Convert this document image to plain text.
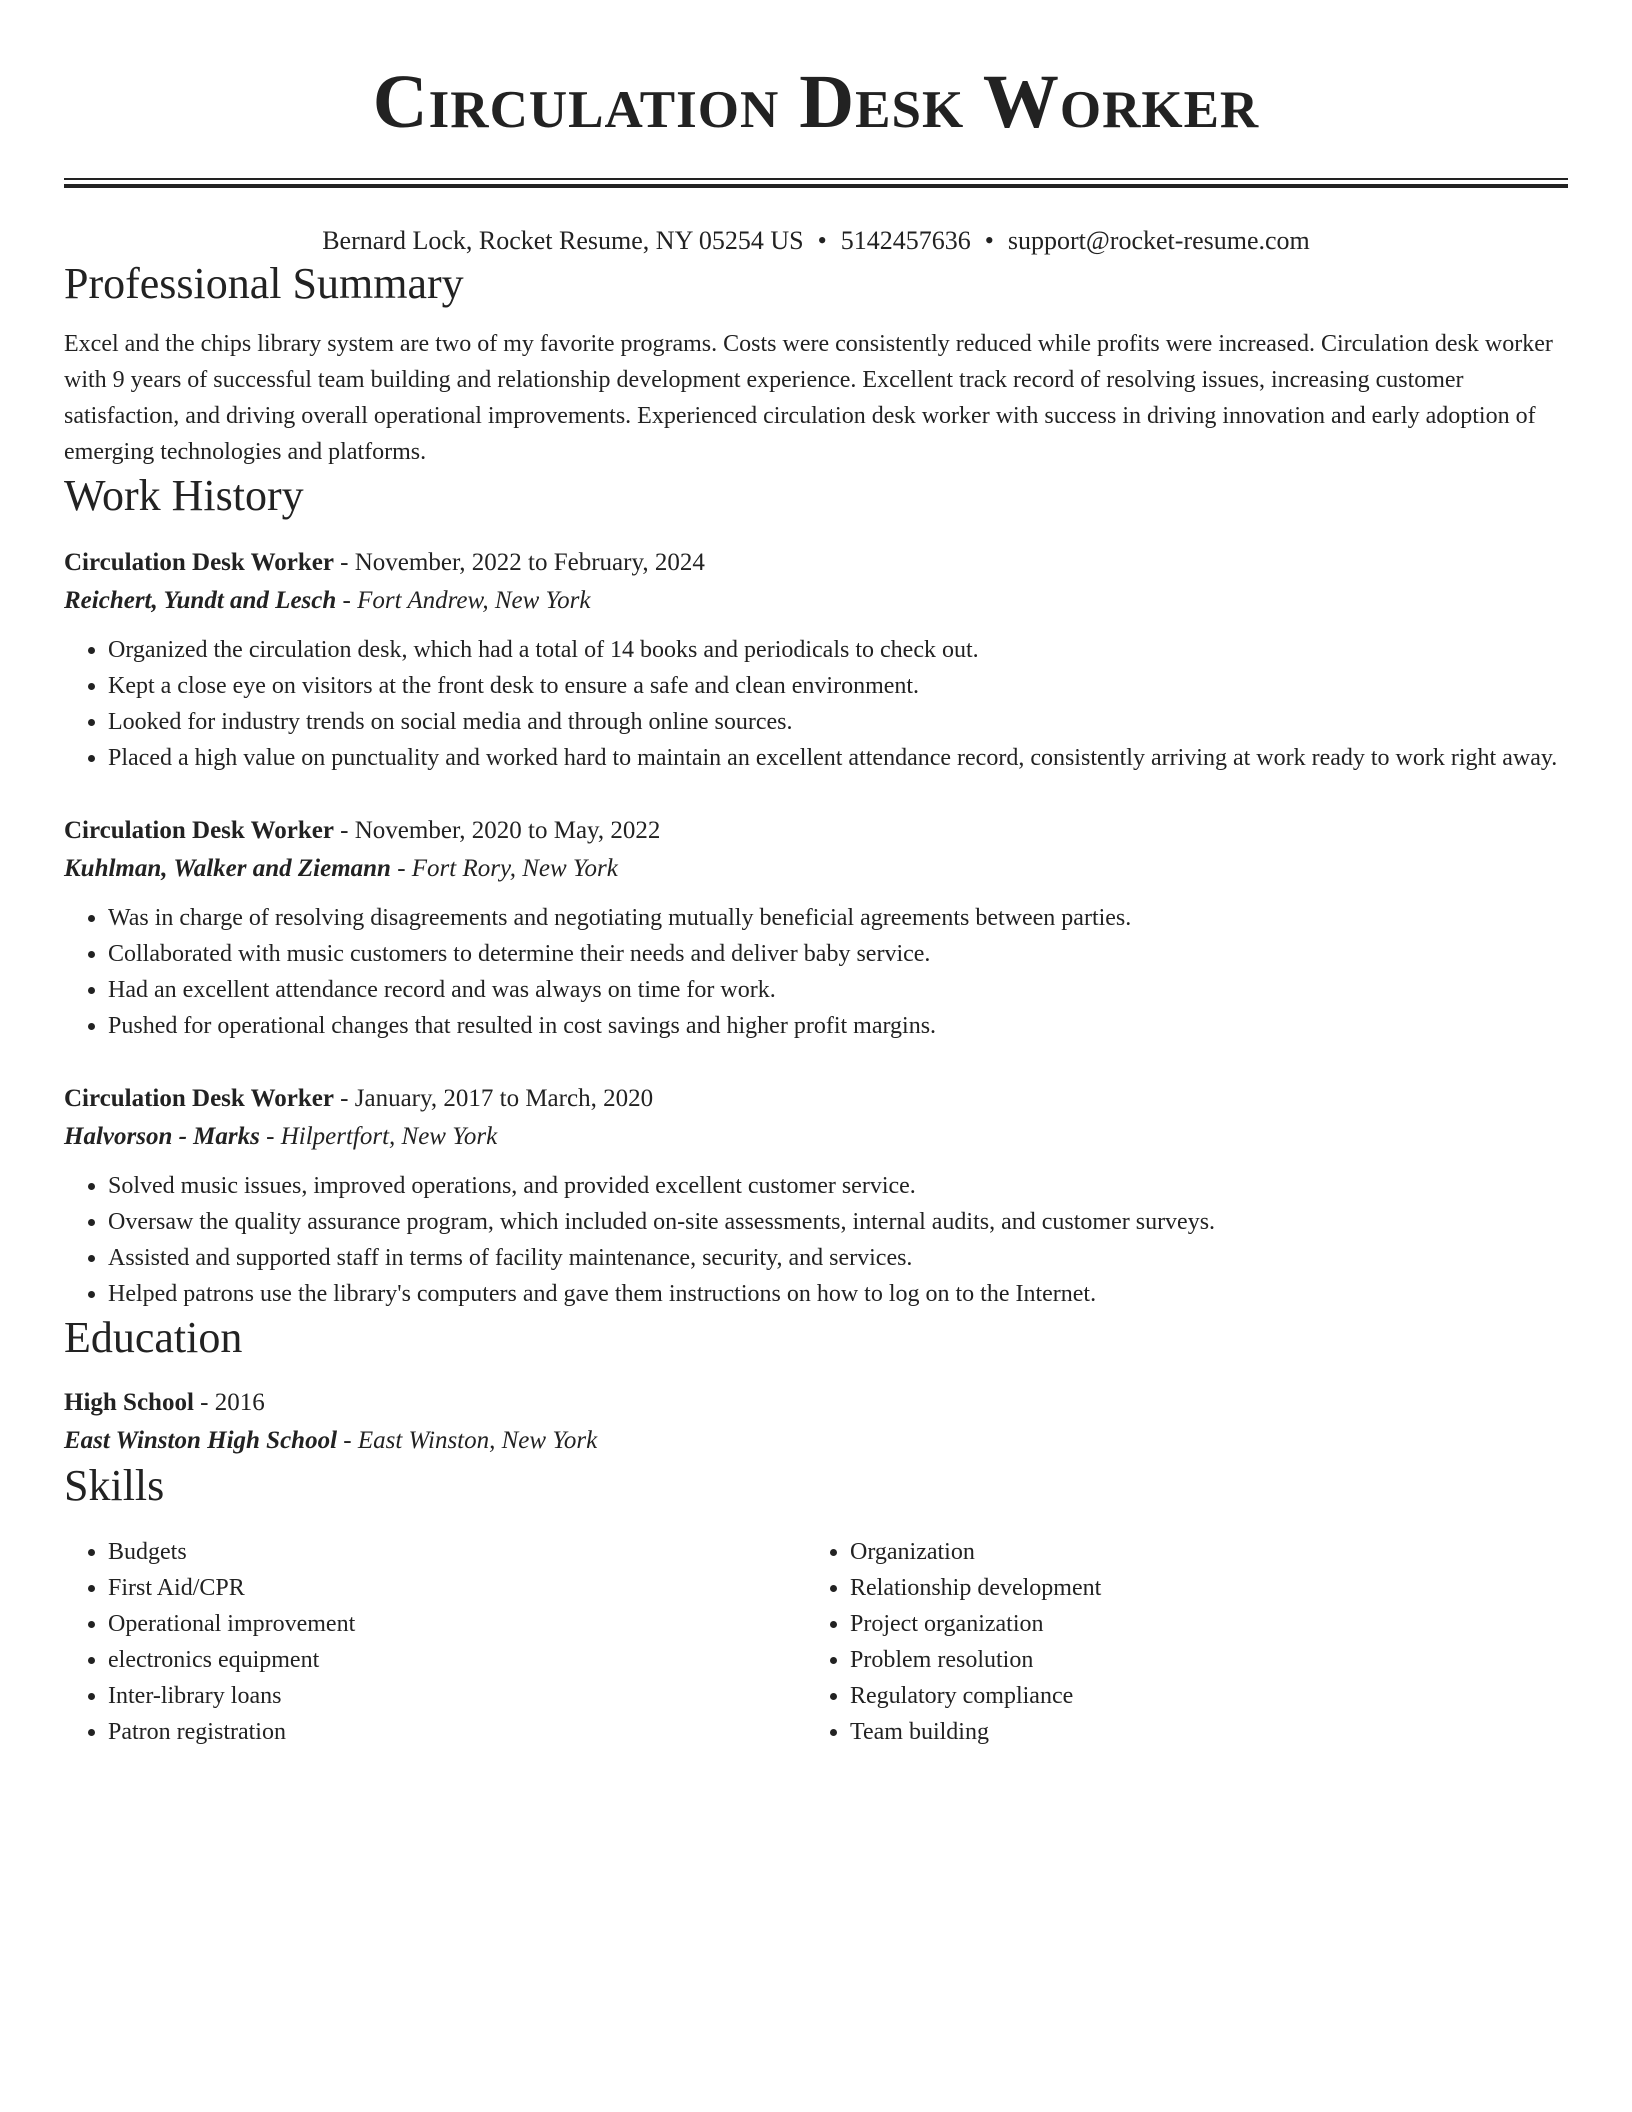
Circulation Desk Worker
Bernard Lock, Rocket Resume, NY 05254 US • 5142457636 • support@rocket-resume.com
Professional Summary
Excel and the chips library system are two of my favorite programs. Costs were consistently reduced while profits were increased. Circulation desk worker with 9 years of successful team building and relationship development experience. Excellent track record of resolving issues, increasing customer satisfaction, and driving overall operational improvements. Experienced circulation desk worker with success in driving innovation and early adoption of emerging technologies and platforms.
Work History
Circulation Desk Worker - November, 2022 to February, 2024
Reichert, Yundt and Lesch - Fort Andrew, New York
• Organized the circulation desk, which had a total of 14 books and periodicals to check out.
• Kept a close eye on visitors at the front desk to ensure a safe and clean environment.
• Looked for industry trends on social media and through online sources.
• Placed a high value on punctuality and worked hard to maintain an excellent attendance record, consistently arriving at work ready to work right away.
Circulation Desk Worker - November, 2020 to May, 2022
Kuhlman, Walker and Ziemann - Fort Rory, New York
• Was in charge of resolving disagreements and negotiating mutually beneficial agreements between parties.
• Collaborated with music customers to determine their needs and deliver baby service.
• Had an excellent attendance record and was always on time for work.
• Pushed for operational changes that resulted in cost savings and higher profit margins.
Circulation Desk Worker - January, 2017 to March, 2020
Halvorson - Marks - Hilpertfort, New York
• Solved music issues, improved operations, and provided excellent customer service.
• Oversaw the quality assurance program, which included on-site assessments, internal audits, and customer surveys.
• Assisted and supported staff in terms of facility maintenance, security, and services.
• Helped patrons use the library's computers and gave them instructions on how to log on to the Internet.
Education
High School - 2016
East Winston High School - East Winston, New York
Skills
• Budgets
• First Aid/CPR
• Operational improvement
• electronics equipment
• Inter-library loans
• Patron registration
• Organization
• Relationship development
• Project organization
• Problem resolution
• Regulatory compliance
• Team building
